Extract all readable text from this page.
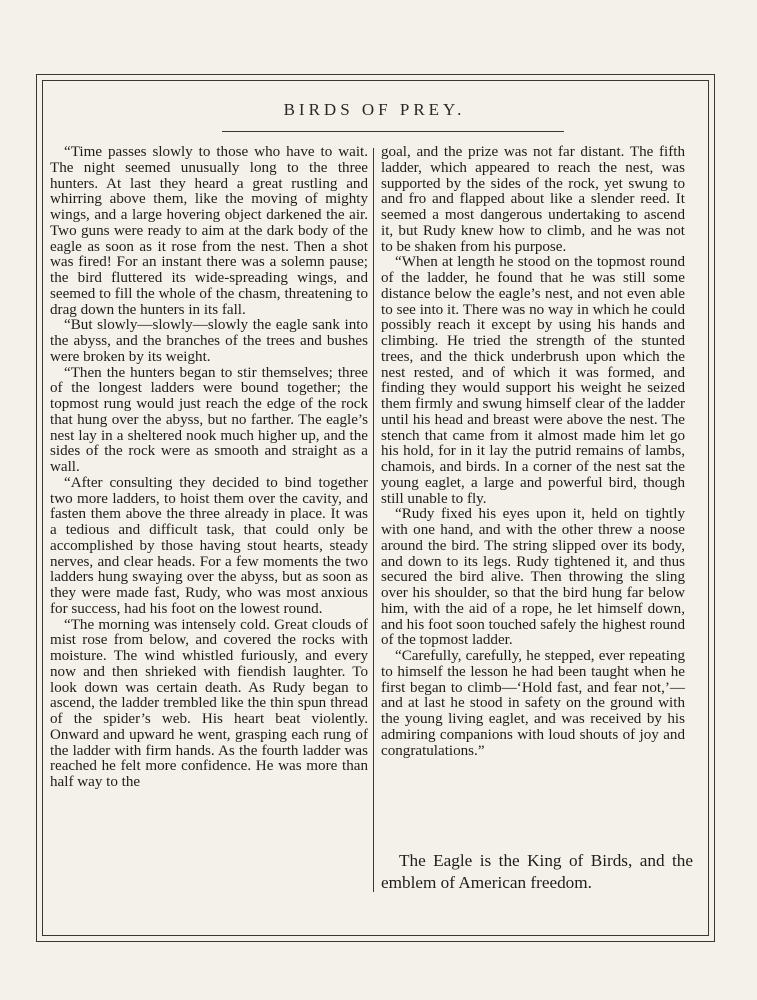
BIRDS OF PREY.

“Time passes slowly to those who have to wait. The night seemed unusually long to the three hunters. At last they heard a great rustling and whirring above them, like the moving of mighty wings, and a large hovering object darkened the air. Two guns were ready to aim at the dark body of the eagle as soon as it rose from the nest. Then a shot was fired! For an instant there was a solemn pause; the bird fluttered its wide-spreading wings, and seemed to fill the whole of the chasm, threatening to drag down the hunters in its fall.

“But slowly—slowly—slowly the eagle sank into the abyss, and the branches of the trees and bushes were broken by its weight.

“Then the hunters began to stir themselves; three of the longest ladders were bound together; the topmost rung would just reach the edge of the rock that hung over the abyss, but no farther. The eagle’s nest lay in a sheltered nook much higher up, and the sides of the rock were as smooth and straight as a wall.

“After consulting they decided to bind together two more ladders, to hoist them over the cavity, and fasten them above the three already in place. It was a tedious and difficult task, that could only be accomplished by those having stout hearts, steady nerves, and clear heads. For a few moments the two ladders hung swaying over the abyss, but as soon as they were made fast, Rudy, who was most anxious for success, had his foot on the lowest round.

“The morning was intensely cold. Great clouds of mist rose from below, and covered the rocks with moisture. The wind whistled furiously, and every now and then shrieked with fiendish laughter. To look down was certain death. As Rudy began to ascend, the ladder trembled like the thin spun thread of the spider’s web. His heart beat violently. Onward and upward he went, grasping each rung of the ladder with firm hands. As the fourth ladder was reached he felt more confidence. He was more than half way to the

goal, and the prize was not far distant. The fifth ladder, which appeared to reach the nest, was supported by the sides of the rock, yet swung to and fro and flapped about like a slender reed. It seemed a most dangerous undertaking to ascend it, but Rudy knew how to climb, and he was not to be shaken from his purpose.

“When at length he stood on the topmost round of the ladder, he found that he was still some distance below the eagle’s nest, and not even able to see into it. There was no way in which he could possibly reach it except by using his hands and climbing. He tried the strength of the stunted trees, and the thick underbrush upon which the nest rested, and of which it was formed, and finding they would support his weight he seized them firmly and swung himself clear of the ladder until his head and breast were above the nest. The stench that came from it almost made him let go his hold, for in it lay the putrid remains of lambs, chamois, and birds. In a corner of the nest sat the young eaglet, a large and powerful bird, though still unable to fly.

“Rudy fixed his eyes upon it, held on tightly with one hand, and with the other threw a noose around the bird. The string slipped over its body, and down to its legs. Rudy tightened it, and thus secured the bird alive. Then throwing the sling over his shoulder, so that the bird hung far below him, with the aid of a rope, he let himself down, and his foot soon touched safely the highest round of the topmost ladder.

“Carefully, carefully, he stepped, ever repeating to himself the lesson he had been taught when he first began to climb—‘Hold fast, and fear not,’—and at last he stood in safety on the ground with the young living eaglet, and was received by his admiring companions with loud shouts of joy and congratulations.”

The Eagle is the King of Birds, and the emblem of American freedom.
